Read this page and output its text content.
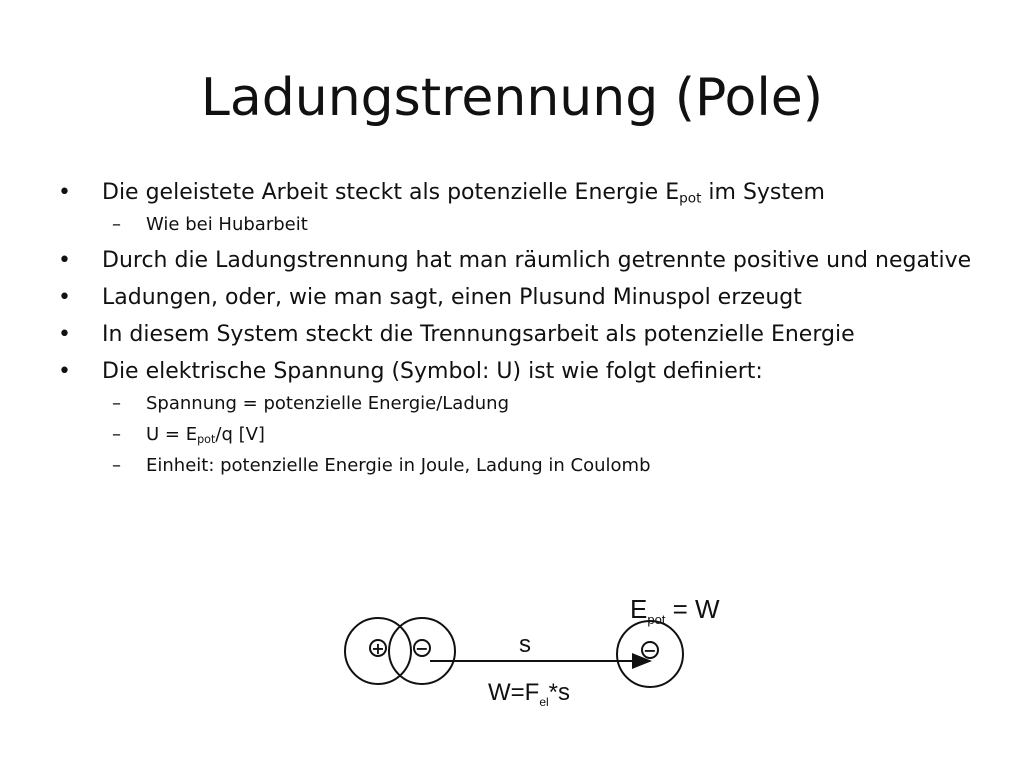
Ladungstrennung (Pole)
• Die geleistete Arbeit steckt als potenzielle Energie $E_{pot}$ im System
– Wie bei Hubarbeit
• Durch die Ladungstrennung hat man räumlich getrennte positive und negative
• Ladungen, oder, wie man sagt, einen Plusund Minuspol erzeugt
• In diesem System steckt die Trennungsarbeit als potenzielle Energie
• Die elektrische Spannung (Symbol: U) ist wie folgt definiert:
– Spannung = potenzielle Energie/Ladung
– $U = E_{pot}/q$ [V]
– Einheit: potenzielle Energie in Joule, Ladung in Coulomb
$E_{pot} = W$
+ −	s	−
$W=F_{el}*s$
